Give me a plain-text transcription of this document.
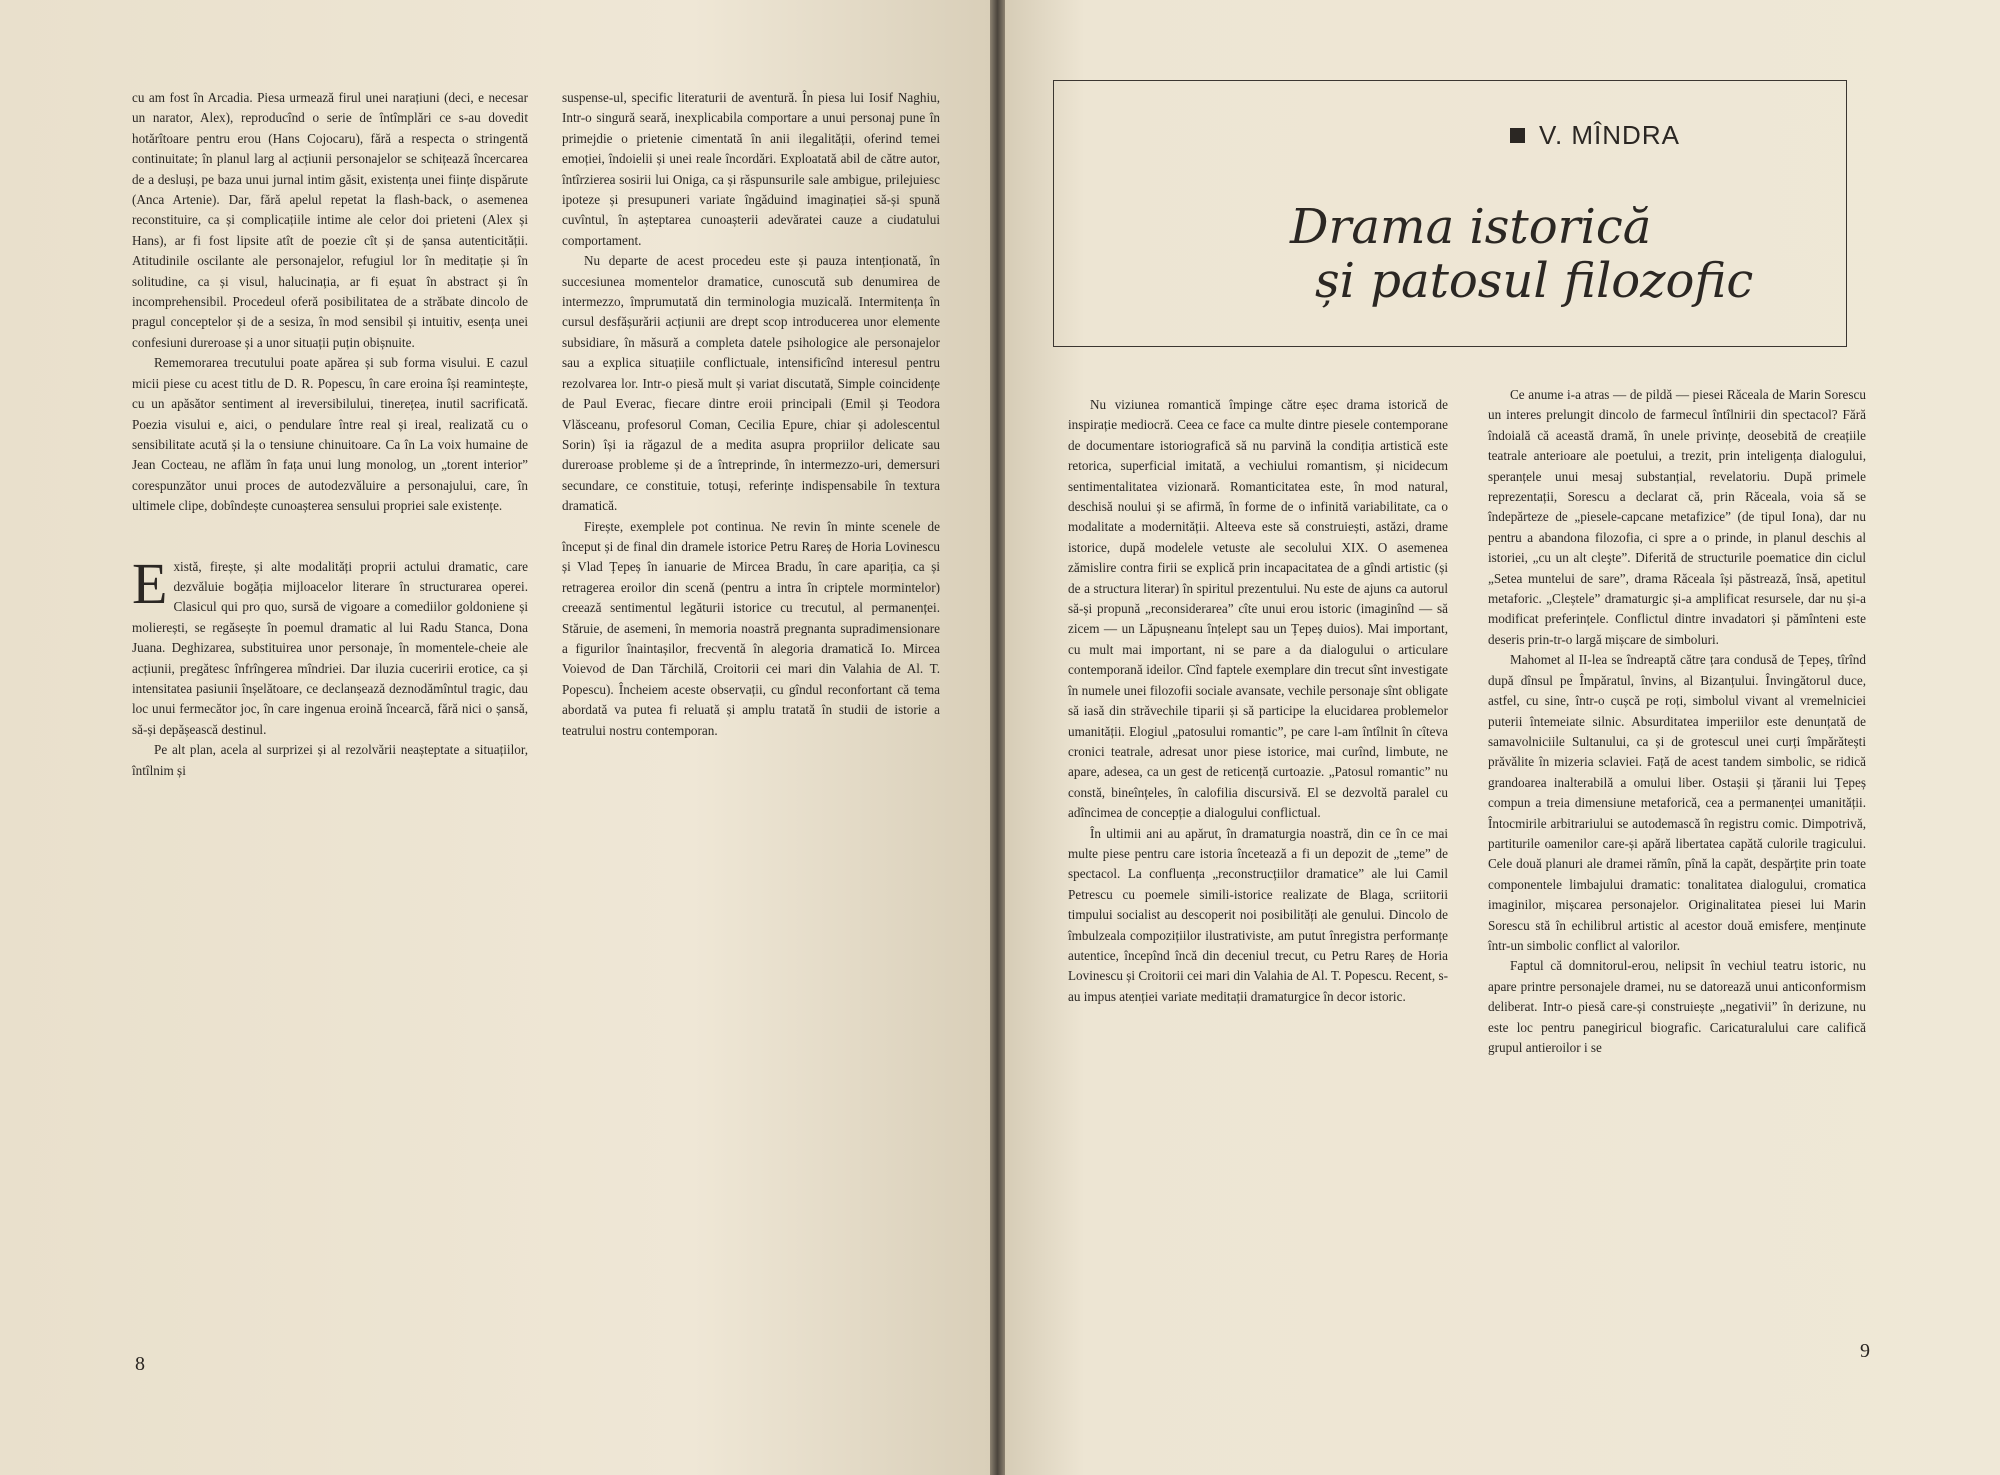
cu am fost în Arcadia. Piesa urmează firul unei narațiuni (deci, e necesar un narator, Alex), reproducînd o serie de întîmplări ce s-au dovedit hotărîtoare pentru erou (Hans Cojocaru), fără a respecta o stringentă continuitate; în planul larg al acțiunii personajelor se schițează încercarea de a desluși, pe baza unui jurnal intim găsit, existența unei ființe dispărute (Anca Artenie). Dar, fără apelul repetat la flash-back, o asemenea reconstituire, ca și complicațiile intime ale celor doi prieteni (Alex și Hans), ar fi fost lipsite atît de poezie cît și de șansa autenticității. Atitudinile oscilante ale personajelor, refugiul lor în meditație și în solitudine, ca și visul, halucinația, ar fi eșuat în abstract și în incomprehensibil. Procedeul oferă posibilitatea de a străbate dincolo de pragul conceptelor și de a sesiza, în mod sensibil și intuitiv, esența unei confesiuni dureroase și a unor situații puțin obișnuite.

Rememorarea trecutului poate apărea și sub forma visului. E cazul micii piese cu acest titlu de D. R. Popescu, în care eroina își reamintește, cu un apăsător sentiment al ireversibilului, tinerețea, inutil sacrificată. Poezia visului e, aici, o pendulare între real și ireal, realizată cu o sensibilitate acută și la o tensiune chinuitoare. Ca în La voix humaine de Jean Cocteau, ne aflăm în fața unui lung monolog, un „torent interior” corespunzător unui proces de autodezvăluire a personajului, care, în ultimele clipe, dobîndește cunoașterea sensului propriei sale existențe.

Există, firește, și alte modalități proprii actului dramatic, care dezvăluie bogăția mijloacelor literare în structurarea operei. Clasicul qui pro quo, sursă de vigoare a comediilor goldoniene și molierești, se regăsește în poemul dramatic al lui Radu Stanca, Dona Juana. Deghizarea, substituirea unor personaje, în momentele-cheie ale acțiunii, pregătesc înfrîngerea mîndriei. Dar iluzia cuceririi erotice, ca și intensitatea pasiunii înșelătoare, ce declanșează deznodămîntul tragic, dau loc unui fermecător joc, în care ingenua eroină încearcă, fără nici o șansă, să-și depășească destinul.

Pe alt plan, acela al surprizei și al rezolvării neașteptate a situațiilor, întîlnim și

suspense-ul, specific literaturii de aventură. În piesa lui Iosif Naghiu, Intr-o singură seară, inexplicabila comportare a unui personaj pune în primejdie o prietenie cimentată în anii ilegalității, oferind temei emoției, îndoielii și unei reale încordări. Exploatată abil de către autor, întîrzierea sosirii lui Oniga, ca și răspunsurile sale ambigue, prilejuiesc ipoteze și presupuneri variate îngăduind imaginației să-și spună cuvîntul, în așteptarea cunoașterii adevăratei cauze a ciudatului comportament.

Nu departe de acest procedeu este și pauza intenționată, în succesiunea momentelor dramatice, cunoscută sub denumirea de intermezzo, împrumutată din terminologia muzicală. Intermitența în cursul desfășurării acțiunii are drept scop introducerea unor elemente subsidiare, în măsură a completa datele psihologice ale personajelor sau a explica situațiile conflictuale, intensificînd interesul pentru rezolvarea lor. Intr-o piesă mult și variat discutată, Simple coincidențe de Paul Everac, fiecare dintre eroii principali (Emil și Teodora Vlăsceanu, profesorul Coman, Cecilia Epure, chiar și adolescentul Sorin) își ia răgazul de a medita asupra propriilor delicate sau dureroase probleme și de a întreprinde, în intermezzo-uri, demersuri secundare, ce constituie, totuși, referințe indispensabile în textura dramatică.

Firește, exemplele pot continua. Ne revin în minte scenele de început și de final din dramele istorice Petru Rareș de Horia Lovinescu și Vlad Țepeș în ianuarie de Mircea Bradu, în care apariția, ca și retragerea eroilor din scenă (pentru a intra în criptele mormintelor) creează sentimentul legăturii istorice cu trecutul, al permanenței. Stăruie, de asemeni, în memoria noastră pregnanta supradimensionare a figurilor înaintașilor, frecventă în alegoria dramatică Io. Mircea Voievod de Dan Tărchilă, Croitorii cei mari din Valahia de Al. T. Popescu). Încheiem aceste observații, cu gîndul reconfortant că tema abordată va putea fi reluată și amplu tratată în studii de istorie a teatrului nostru contemporan.

8
V. MÎNDRA
Drama istorică
și patosul filozofic

Nu viziunea romantică împinge către eșec drama istorică de inspirație mediocră. Ceea ce face ca multe dintre piesele contemporane de documentare istoriografică să nu parvină la condiția artistică este retorica, superficial imitată, a vechiului romantism, și nicidecum sentimentalitatea vizionară. Romanticitatea este, în mod natural, deschisă noului și se afirmă, în forme de o infinită variabilitate, ca o modalitate a modernității. Alteeva este să construiești, astăzi, drame istorice, după modelele vetuste ale secolului XIX. O asemenea zămislire contra firii se explică prin incapacitatea de a gîndi artistic (și de a structura literar) în spiritul prezentului. Nu este de ajuns ca autorul să-și propună „reconsiderarea” cîte unui erou istoric (imaginînd — să zicem — un Lăpușneanu înțelept sau un Țepeș duios). Mai important, cu mult mai important, ni se pare a da dialogului o articulare contemporană ideilor. Cînd faptele exemplare din trecut sînt investigate în numele unei filozofii sociale avansate, vechile personaje sînt obligate să iasă din străvechile tiparii și să participe la elucidarea problemelor umanității. Elogiul „patosului romantic”, pe care l-am întîlnit în cîteva cronici teatrale, adresat unor piese istorice, mai curînd, limbute, ne apare, adesea, ca un gest de reticență curtoazie. „Patosul romantic” nu constă, bineînțeles, în calofilia discursivă. El se dezvoltă paralel cu adîncimea de concepție a dialogului conflictual.

În ultimii ani au apărut, în dramaturgia noastră, din ce în ce mai multe piese pentru care istoria încetează a fi un depozit de „teme” de spectacol. La confluența „reconstrucțiilor dramatice” ale lui Camil Petrescu cu poemele simili-istorice realizate de Blaga, scriitorii timpului socialist au descoperit noi posibilități ale genului. Dincolo de îmbulzeala compozițiilor ilustrativiste, am putut înregistra performanțe autentice, începînd încă din deceniul trecut, cu Petru Rareș de Horia Lovinescu și Croitorii cei mari din Valahia de Al. T. Popescu. Recent, s-au impus atenției variate meditații dramaturgice în decor istoric.

Ce anume i-a atras — de pildă — piesei Răceala de Marin Sorescu un interes prelungit dincolo de farmecul întîlnirii din spectacol? Fără îndoială că această dramă, în unele privințe, deosebită de creațiile teatrale anterioare ale poetului, a trezit, prin inteligența dialogului, speranțele unui mesaj substanțial, revelatoriu. După primele reprezentații, Sorescu a declarat că, prin Răceala, voia să se îndepărteze de „piesele-capcane metafizice” (de tipul Iona), dar nu pentru a abandona filozofia, ci spre a o prinde, in planul deschis al istoriei, „cu un alt cleşte”. Diferită de structurile poematice din ciclul „Setea muntelui de sare”, drama Răceala își păstrează, însă, apetitul metaforic. „Cleștele” dramaturgic și-a amplificat resursele, dar nu și-a modificat preferințele. Conflictul dintre invadatori și pămînteni este deseris prin-tr-o largă mișcare de simboluri.

Mahomet al II-lea se îndreaptă către țara condusă de Țepeș, tîrînd după dînsul pe Împăratul, învins, al Bizanțului. Învingătorul duce, astfel, cu sine, într-o cușcă pe roți, simbolul vivant al vremelniciei puterii întemeiate silnic. Absurditatea imperiilor este denunțată de samavolniciile Sultanului, ca și de grotescul unei curți împărătești prăvălite în mizeria sclaviei. Față de acest tandem simbolic, se ridică grandoarea inalterabilă a omului liber. Ostașii și țăranii lui Țepeș compun a treia dimensiune metaforică, cea a permanenței umanității. Întocmirile arbitrariului se autodemască în registru comic. Dimpotrivă, partiturile oamenilor care-și apără libertatea capătă culorile tragicului. Cele două planuri ale dramei rămîn, pînă la capăt, despărțite prin toate componentele limbajului dramatic: tonalitatea dialogului, cromatica imaginilor, mișcarea personajelor. Originalitatea piesei lui Marin Sorescu stă în echilibrul artistic al acestor două emisfere, menținute într-un simbolic conflict al valorilor.

Faptul că domnitorul-erou, nelipsit în vechiul teatru istoric, nu apare printre personajele dramei, nu se datorează unui anticonformism deliberat. Intr-o piesă care-și construiește „negativii” în derizune, nu este loc pentru panegiricul biografic. Caricaturalului care califică grupul antieroilor i se

9
